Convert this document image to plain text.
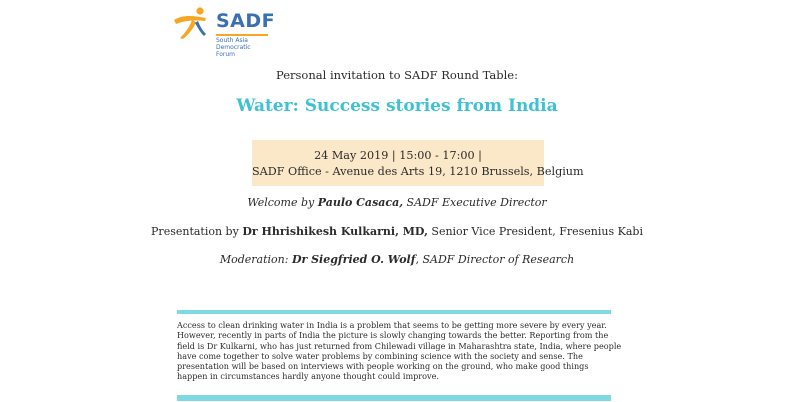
SADF
South Asia
Democratic
Forum
Personal invitation to SADF Round Table:
Water: Success stories from India
24 May 2019 | 15:00 - 17:00 |
SADF Office - Avenue des Arts 19, 1210 Brussels, Belgium
Welcome by Paulo Casaca, SADF Executive Director
Presentation by Dr Hhrishikesh Kulkarni, MD, Senior Vice President, Fresenius Kabi
Moderation: Dr Siegfried O. Wolf, SADF Director of Research
Access to clean drinking water in India is a problem that seems to be getting more severe by every year.
However, recently in parts of India the picture is slowly changing towards the better. Reporting from the
field is Dr Kulkarni, who has just returned from Chilewadi village in Maharashtra state, India, where people
have come together to solve water problems by combining science with the society and sense. The
presentation will be based on interviews with people working on the ground, who make good things
happen in circumstances hardly anyone thought could improve.
